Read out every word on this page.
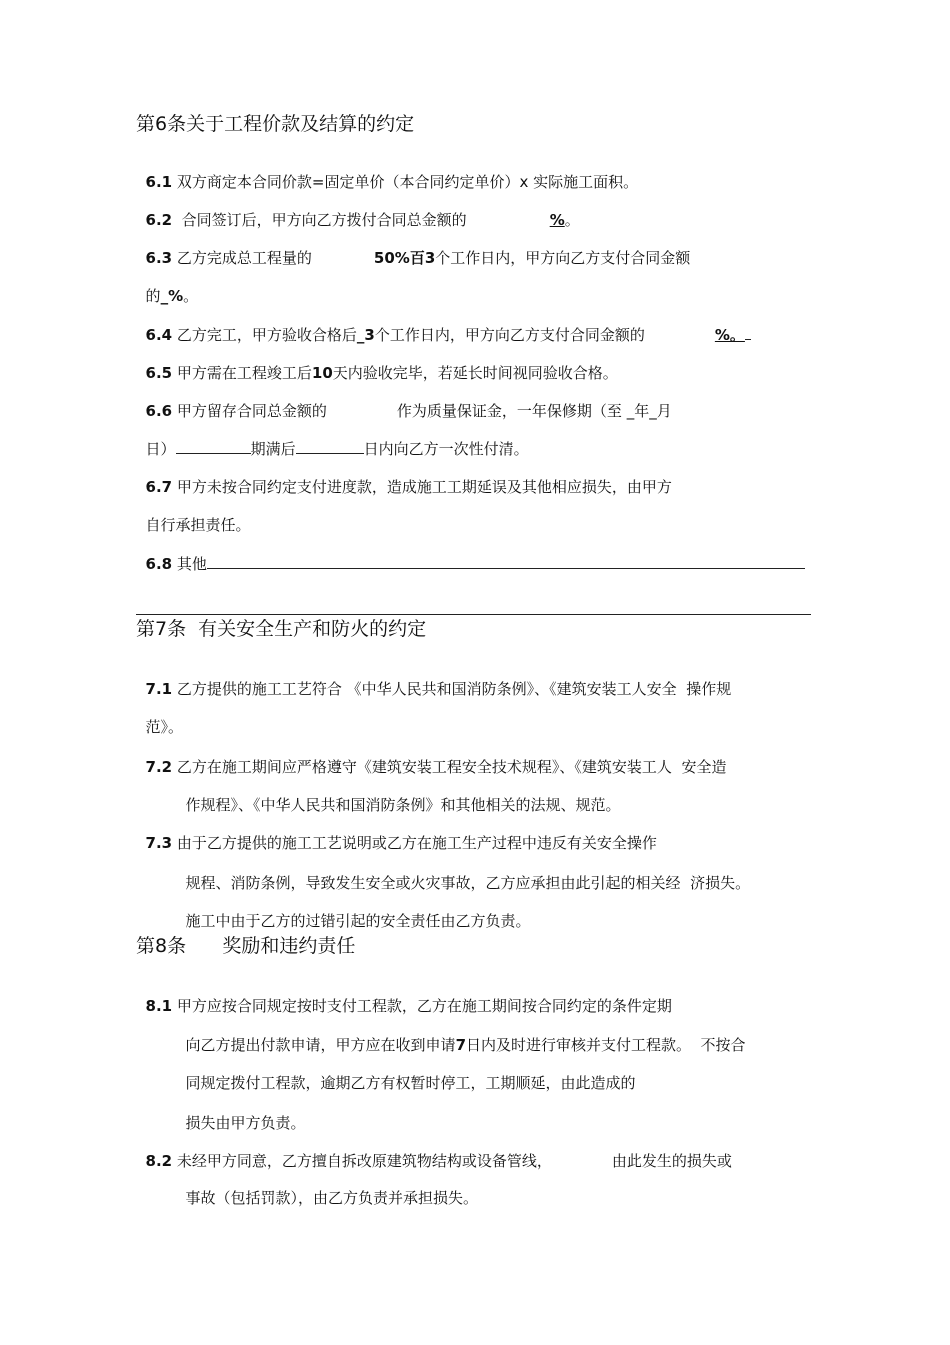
第6条关于工程价款及结算的约定

6.1 双方商定本合同价款=固定单价（本合同约定单价）x 实际施工面积。

6.2 合同签订后，甲方向乙方拨付合同总金额的	%。

6.3 乙方完成总工程量的	50%百3个工作日内，甲方向乙方支付合同金额

的_%。

6.4 乙方完工，甲方验收合格后_3个工作日内，甲方向乙方支付合同金额的	%。

6.5 甲方需在工程竣工后10天内验收完毕，若延长时间视同验收合格。

6.6 甲方留存合同总金额的	作为质量保证金，一年保修期（至 _年_月

日）	期满后	日内向乙方一次性付清。

6.7 甲方未按合同约定支付进度款，造成施工工期延误及其他相应损失，由甲方

自行承担责任。

6.8 其他

第7条  有关安全生产和防火的约定

7.1 乙方提供的施工工艺符合 《中华人民共和国消防条例》、《建筑安装工人安全  操作规

范》。

7.2 乙方在施工期间应严格遵守《建筑安装工程安全技术规程》、《建筑安装工人  安全造

作规程》、《中华人民共和国消防条例》和其他相关的法规、规范。

7.3 由于乙方提供的施工工艺说明或乙方在施工生产过程中违反有关安全操作

规程、消防条例，导致发生安全或火灾事故，乙方应承担由此引起的相关经  济损失。

施工中由于乙方的过错引起的安全责任由乙方负责。

第8条      奖励和违约责任

8.1 甲方应按合同规定按时支付工程款，乙方在施工期间按合同约定的条件定期

向乙方提出付款申请，甲方应在收到申请7日内及时进行审核并支付工程款。  不按合

同规定拨付工程款，逾期乙方有权暂时停工，工期顺延，由此造成的

损失由甲方负责。

8.2 未经甲方同意，乙方擅自拆改原建筑物结构或设备管线，	由此发生的损失或

事故（包括罚款），由乙方负责并承担损失。
